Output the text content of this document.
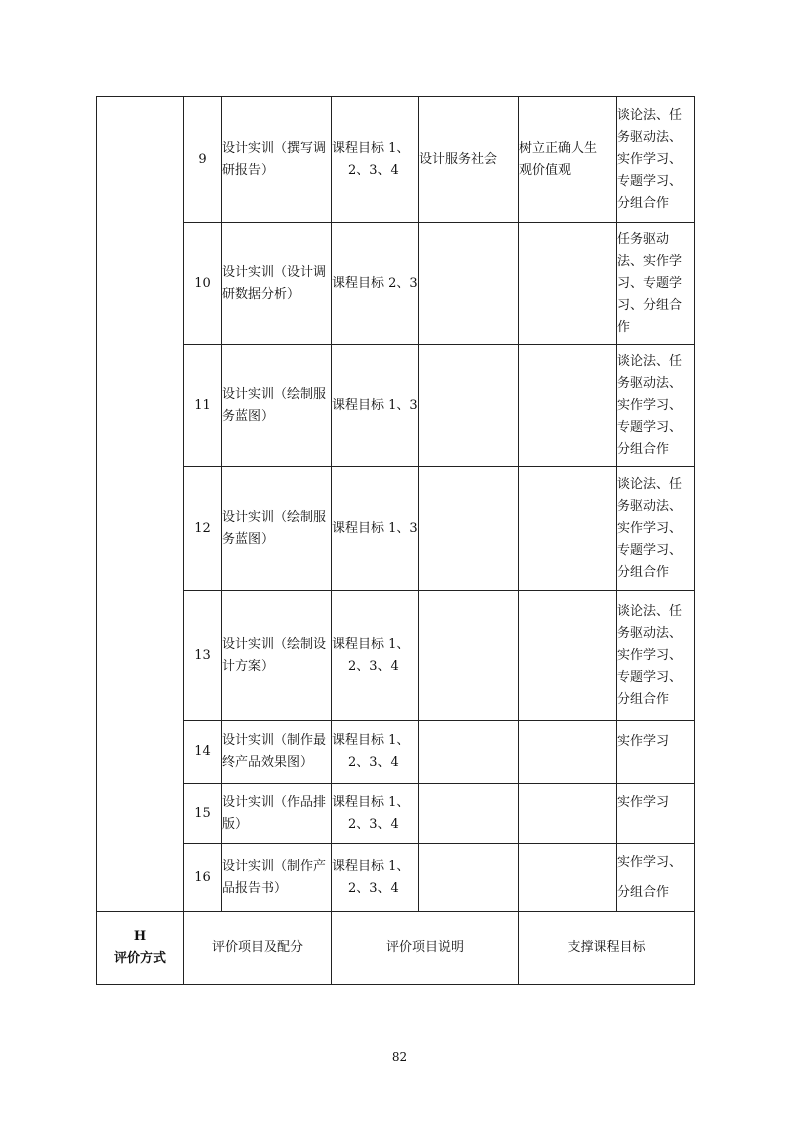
	9	设计实训（撰写调
研报告）	课程目标 1、
2、3、4	设计服务社会	树立正确人生
观价值观	谈论法、任
务驱动法、
实作学习、
专题学习、
分组合作

	10	设计实训（设计调
研数据分析）	课程目标 2、3			任务驱动
法、实作学
习、专题学
习、分组合
作

	11	设计实训（绘制服
务蓝图）	课程目标 1、3			谈论法、任
务驱动法、
实作学习、
专题学习、
分组合作

	12	设计实训（绘制服
务蓝图）	课程目标 1、3			谈论法、任
务驱动法、
实作学习、
专题学习、
分组合作

	13	设计实训（绘制设
计方案）	课程目标 1、
2、3、4			谈论法、任
务驱动法、
实作学习、
专题学习、
分组合作

	14	设计实训（制作最
终产品效果图）	课程目标 1、
2、3、4			实作学习
	15	设计实训（作品排
版）	课程目标 1、
2、3、4			实作学习
	16	设计实训（制作产
品报告书）	课程目标 1、
2、3、4			实作学习、
分组合作

H
评价方式	评价项目及配分		评价项目说明		支撑课程目标	
82
